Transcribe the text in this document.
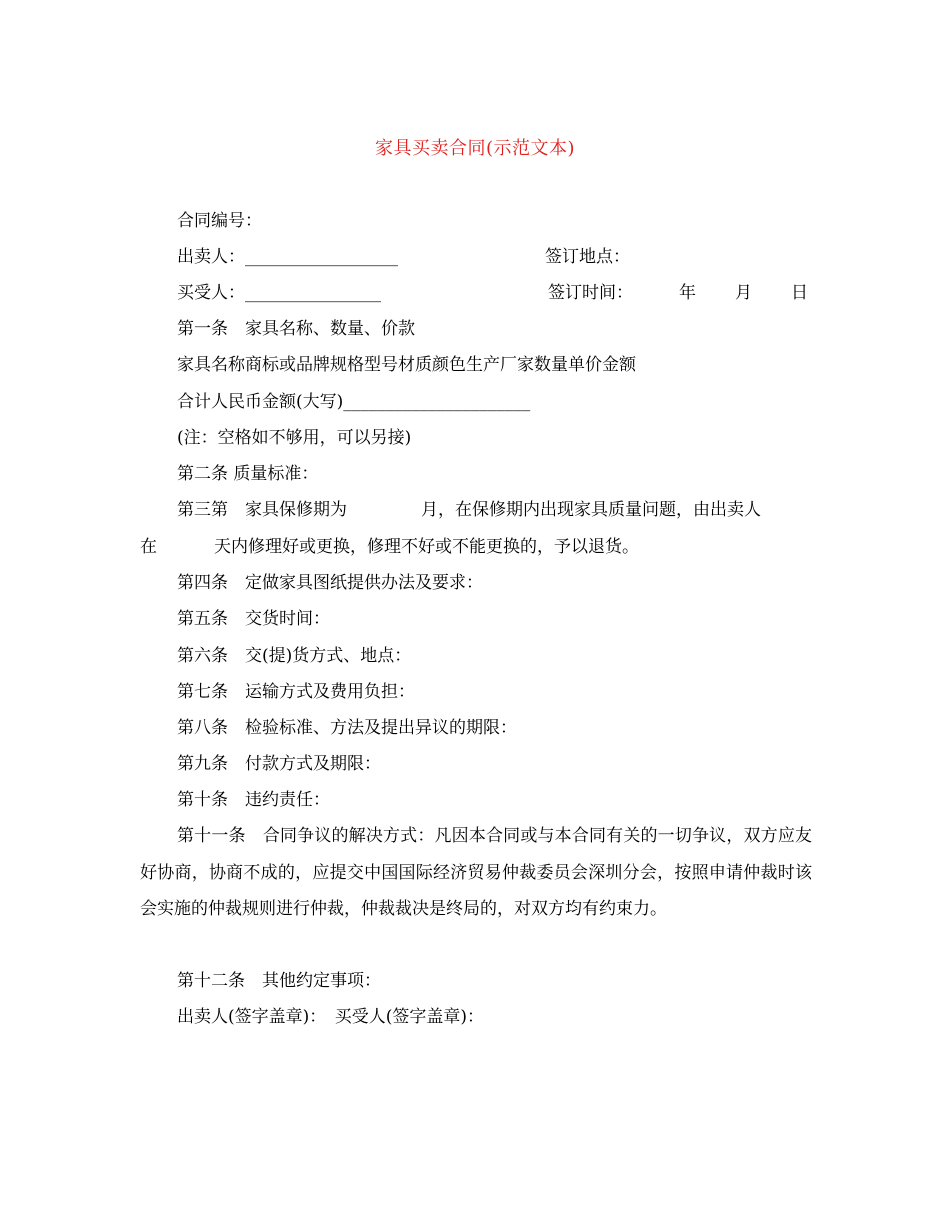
家具买卖合同(示范文本)
合同编号：
出卖人：__________________	签订地点：
买受人：________________	签订时间：	年 月 日
第一条　家具名称、数量、价款
家具名称商标或品牌规格型号材质颜色生产厂家数量单价金额
合计人民币金额(大写)______________________
(注：空格如不够用，可以另接)
第二条 质量标准：
第三第　家具保修期为	月，在保修期内出现家具质量问题，由出卖人
在	天内修理好或更换，修理不好或不能更换的，予以退货。
第四条　定做家具图纸提供办法及要求：
第五条　交货时间：
第六条　交(提)货方式、地点：
第七条　运输方式及费用负担：
第八条　检验标准、方法及提出异议的期限：
第九条　付款方式及期限：
第十条　违约责任：
第十一条　合同争议的解决方式：凡因本合同或与本合同有关的一切争议，双方应友好协商，协商不成的，应提交中国国际经济贸易仲裁委员会深圳分会，按照申请仲裁时该会实施的仲裁规则进行仲裁，仲裁裁决是终局的，对双方均有约束力。
第十二条　其他约定事项：
出卖人(签字盖章)：　买受人(签字盖章)：
